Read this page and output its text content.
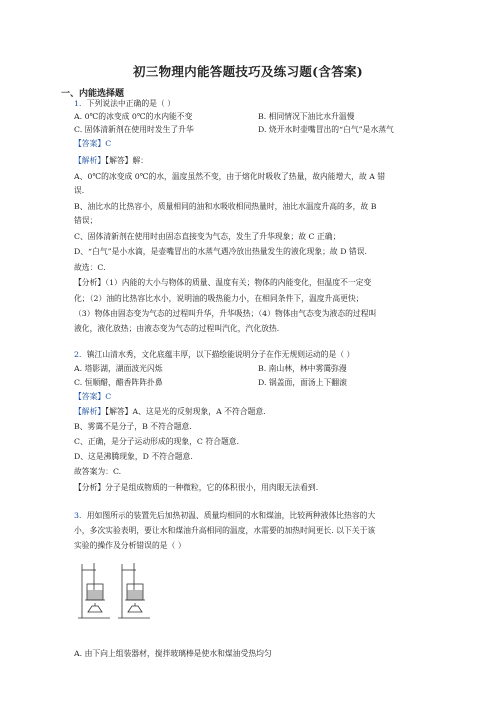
初三物理内能答题技巧及练习题(含答案)
一、内能选择题
1．下列说法中正确的是（ ）
A. 0℃的冰变成 0℃的水内能不变	B. 相同情况下油比水升温慢
C. 固体清新剂在使用时发生了升华	D. 烧开水时壶嘴冒出的“白气”是水蒸气
【答案】C
【解析】【解答】解：
A、0℃的冰变成 0℃的水，温度虽然不变，由于熔化时吸收了热量，故内能增大，故 A 错
误.
B、油比水的比热容小，质量相同的油和水吸收相同热量时，油比水温度升高的多，故 B
错误；
C、固体清新剂在使用时由固态直接变为气态，发生了升华现象；故 C 正确；
D、“白气”是小水滴，是壶嘴冒出的水蒸气遇冷放出热量发生的液化现象；故 D 错误.
故选：C.
【分析】（1）内能的大小与物体的质量、温度有关；物体的内能变化，但温度不一定变
化；（2）油的比热容比水小，说明油的吸热能力小，在相同条件下，温度升高更快；
（3）物体由固态变为气态的过程叫升华，升华吸热；（4）物体由气态变为液态的过程叫
液化，液化放热；由液态变为气态的过程叫汽化，汽化放热.
2．镇江山清水秀，文化底蕴丰厚，以下描绘能说明分子在作无规则运动的是（ ）
A. 塔影湖，湖面波光闪烁	B. 南山林，林中雾霭弥漫
C. 恒顺醋，醋香阵阵扑鼻	D. 锅盖面，面汤上下翻滚
【答案】C
【解析】【解答】A、这是光的反射现象，A 不符合题意.
B、雾霭不是分子，B 不符合题意.
C、正确，是分子运动形成的现象，C 符合题意.
D、这是沸腾现象，D 不符合题意.
故答案为：C.
【分析】分子是组成物质的一种微粒，它的体积很小，用肉眼无法看到.
3．用如图所示的装置先后加热初温、质量均相同的水和煤油，比较两种液体比热容的大
小，多次实验表明，要让水和煤油升高相同的温度，水需要的加热时间更长. 以下关于该
实验的操作及分析错误的是（ ）
A. 由下向上组装器材，搅拌玻璃棒是使水和煤油受热均匀
